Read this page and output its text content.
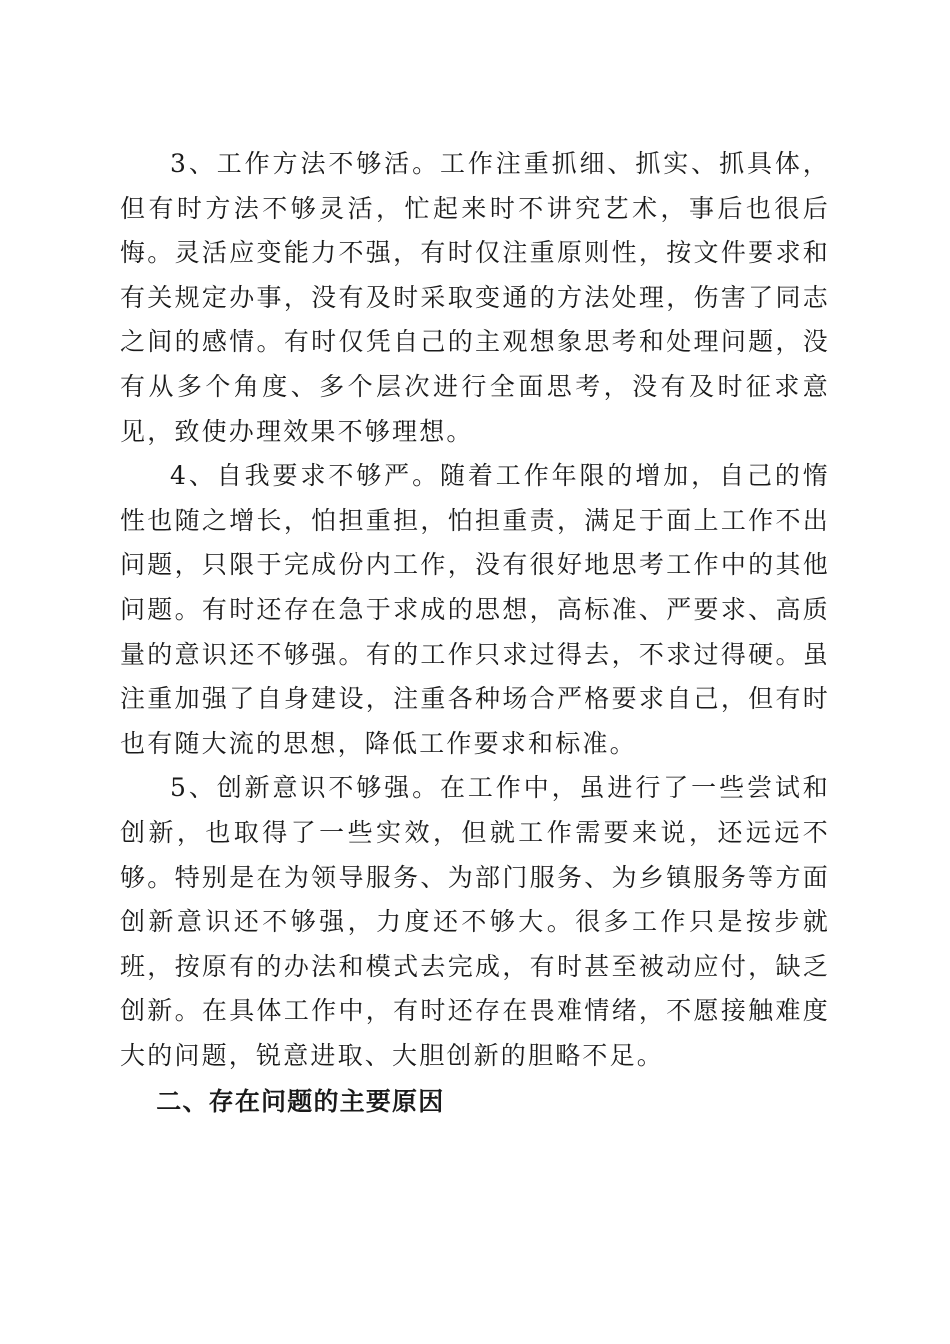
3、工作方法不够活。工作注重抓细、抓实、抓具体，但有时方法不够灵活，忙起来时不讲究艺术，事后也很后悔。灵活应变能力不强，有时仅注重原则性，按文件要求和有关规定办事，没有及时采取变通的方法处理，伤害了同志之间的感情。有时仅凭自己的主观想象思考和处理问题，没有从多个角度、多个层次进行全面思考，没有及时征求意见，致使办理效果不够理想。

4、自我要求不够严。随着工作年限的增加，自己的惰性也随之增长，怕担重担，怕担重责，满足于面上工作不出问题，只限于完成份内工作，没有很好地思考工作中的其他问题。有时还存在急于求成的思想，高标准、严要求、高质量的意识还不够强。有的工作只求过得去，不求过得硬。虽注重加强了自身建设，注重各种场合严格要求自己，但有时也有随大流的思想，降低工作要求和标准。

5、创新意识不够强。在工作中，虽进行了一些尝试和创新，也取得了一些实效，但就工作需要来说，还远远不够。特别是在为领导服务、为部门服务、为乡镇服务等方面创新意识还不够强，力度还不够大。很多工作只是按步就班，按原有的办法和模式去完成，有时甚至被动应付，缺乏创新。在具体工作中，有时还存在畏难情绪，不愿接触难度大的问题，锐意进取、大胆创新的胆略不足。

二、存在问题的主要原因
